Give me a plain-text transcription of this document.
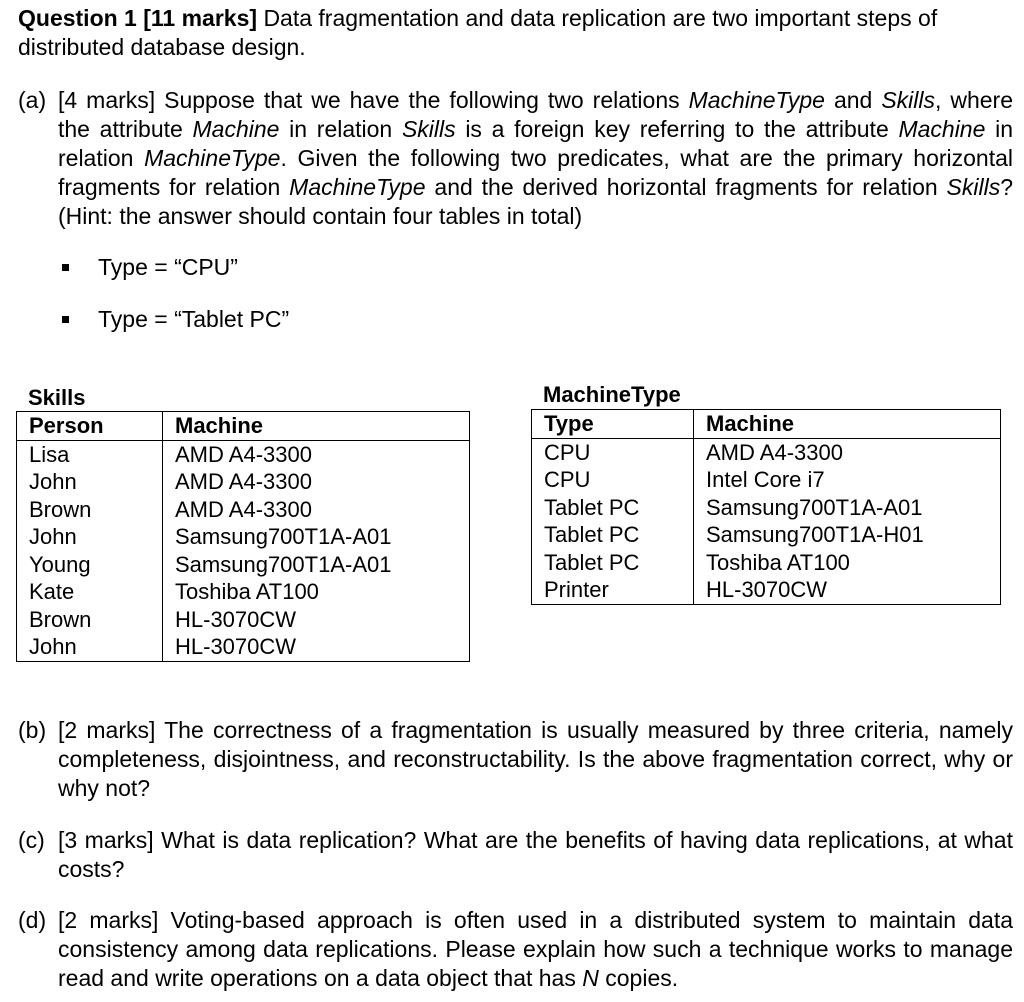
Question 1 [11 marks] Data fragmentation and data replication are two important steps of distributed database design.

(a) [4 marks] Suppose that we have the following two relations MachineType and Skills, where the attribute Machine in relation Skills is a foreign key referring to the attribute Machine in relation MachineType. Given the following two predicates, what are the primary horizontal fragments for relation MachineType and the derived horizontal fragments for relation Skills? (Hint: the answer should contain four tables in total)
Type = “CPU”
Type = “Tablet PC”
Skills
Person	Machine
Lisa	AMD A4-3300
John	AMD A4-3300
Brown	AMD A4-3300
John	Samsung700T1A-A01
Young	Samsung700T1A-A01
Kate	Toshiba AT100
Brown	HL-3070CW
John	HL-3070CW
MachineType
Type	Machine
CPU	AMD A4-3300
CPU	Intel Core i7
Tablet PC	Samsung700T1A-A01
Tablet PC	Samsung700T1A-H01
Tablet PC	Toshiba AT100
Printer	HL-3070CW
(b) [2 marks] The correctness of a fragmentation is usually measured by three criteria, namely completeness, disjointness, and reconstructability. Is the above fragmentation correct, why or why not?
(c) [3 marks] What is data replication? What are the benefits of having data replications, at what costs?
(d) [2 marks] Voting-based approach is often used in a distributed system to maintain data consistency among data replications. Please explain how such a technique works to manage read and write operations on a data object that has N copies.
